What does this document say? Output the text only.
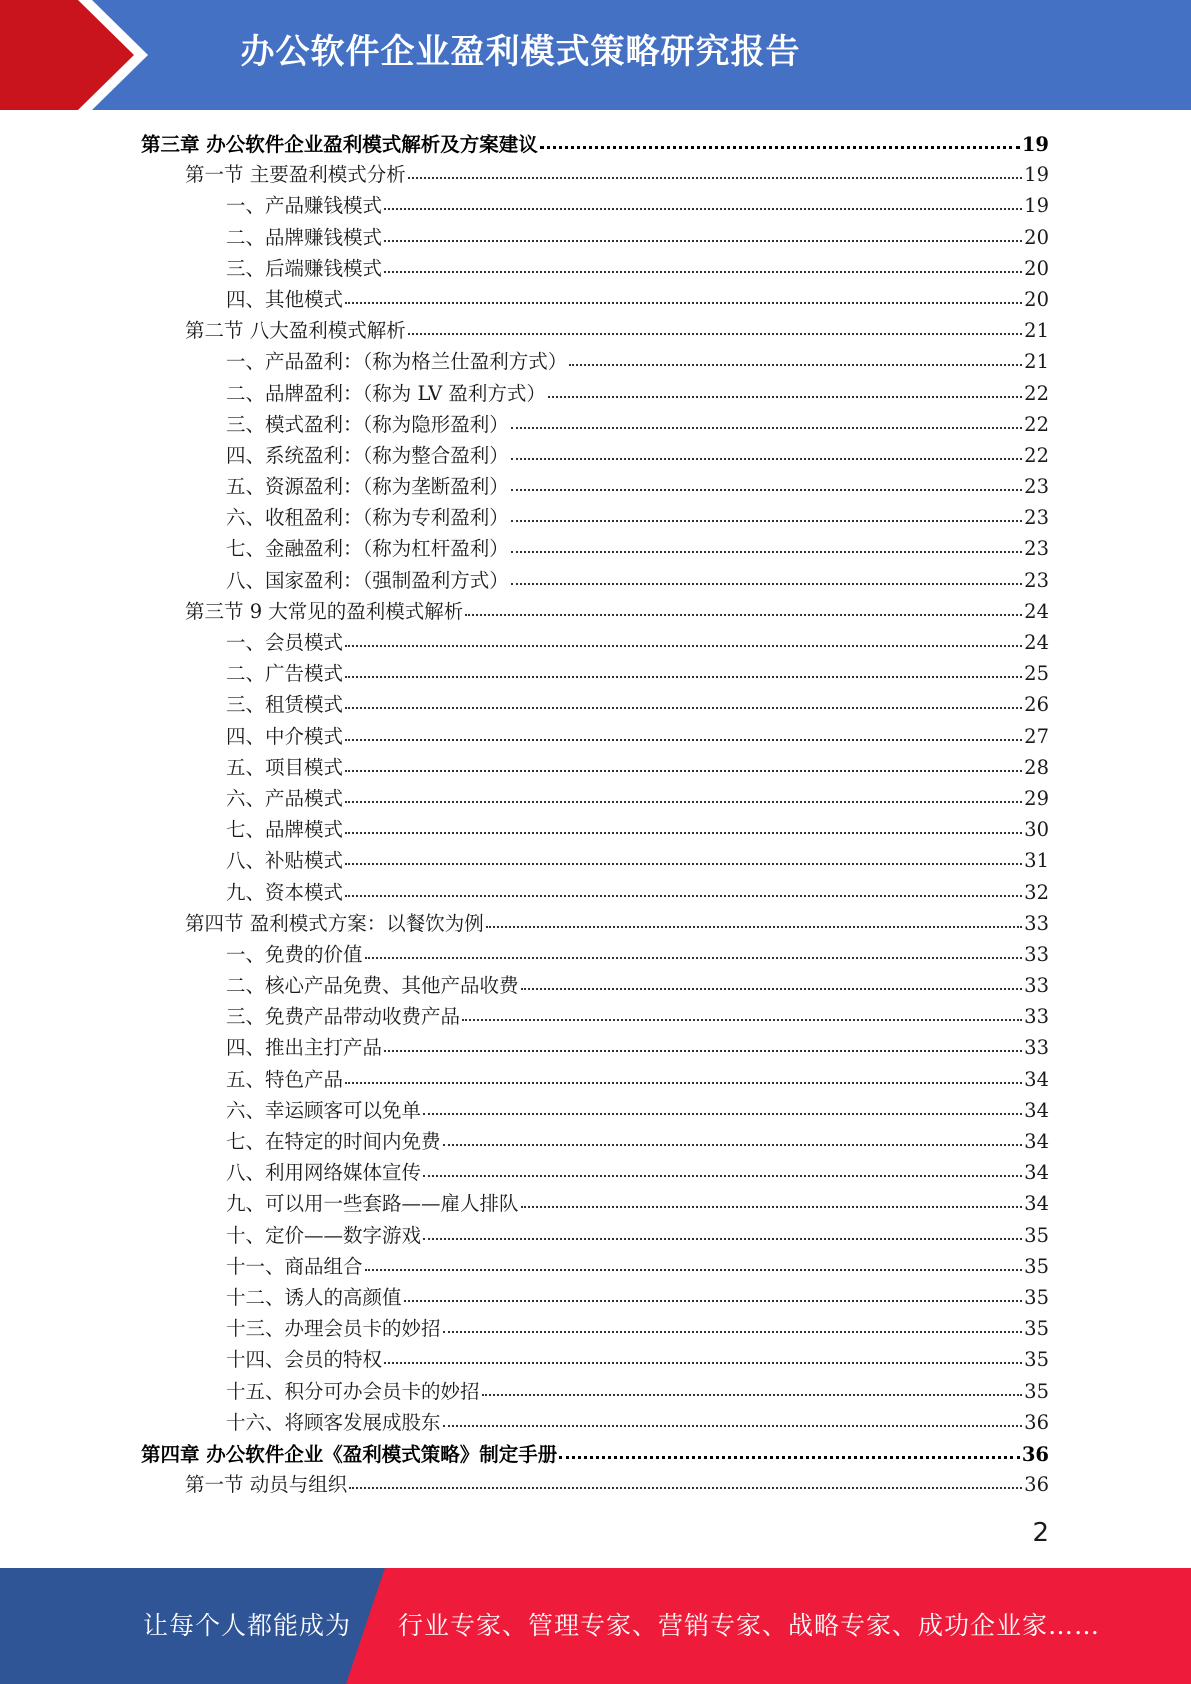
办公软件企业盈利模式策略研究报告
第三章 办公软件企业盈利模式解析及方案建议	19
第一节 主要盈利模式分析	19
一、产品赚钱模式	19
二、品牌赚钱模式	20
三、后端赚钱模式	20
四、其他模式	20
第二节 八大盈利模式解析	21
一、产品盈利：（称为格兰仕盈利方式）	21
二、品牌盈利：（称为 LV 盈利方式）	22
三、模式盈利：（称为隐形盈利）	22
四、系统盈利：（称为整合盈利）	22
五、资源盈利：（称为垄断盈利）	23
六、收租盈利：（称为专利盈利）	23
七、金融盈利：（称为杠杆盈利）	23
八、国家盈利：（强制盈利方式）	23
第三节 9 大常见的盈利模式解析	24
一、会员模式	24
二、广告模式	25
三、租赁模式	26
四、中介模式	27
五、项目模式	28
六、产品模式	29
七、品牌模式	30
八、补贴模式	31
九、资本模式	32
第四节 盈利模式方案：以餐饮为例	33
一、免费的价值	33
二、核心产品免费、其他产品收费	33
三、免费产品带动收费产品	33
四、推出主打产品	33
五、特色产品	34
六、幸运顾客可以免单	34
七、在特定的时间内免费	34
八、利用网络媒体宣传	34
九、可以用一些套路——雇人排队	34
十、定价——数字游戏	35
十一、商品组合	35
十二、诱人的高颜值	35
十三、办理会员卡的妙招	35
十四、会员的特权	35
十五、积分可办会员卡的妙招	35
十六、将顾客发展成股东	36
第四章 办公软件企业《盈利模式策略》制定手册	36
第一节 动员与组织	36
2
让每个人都能成为 行业专家、管理专家、营销专家、战略专家、成功企业家……
